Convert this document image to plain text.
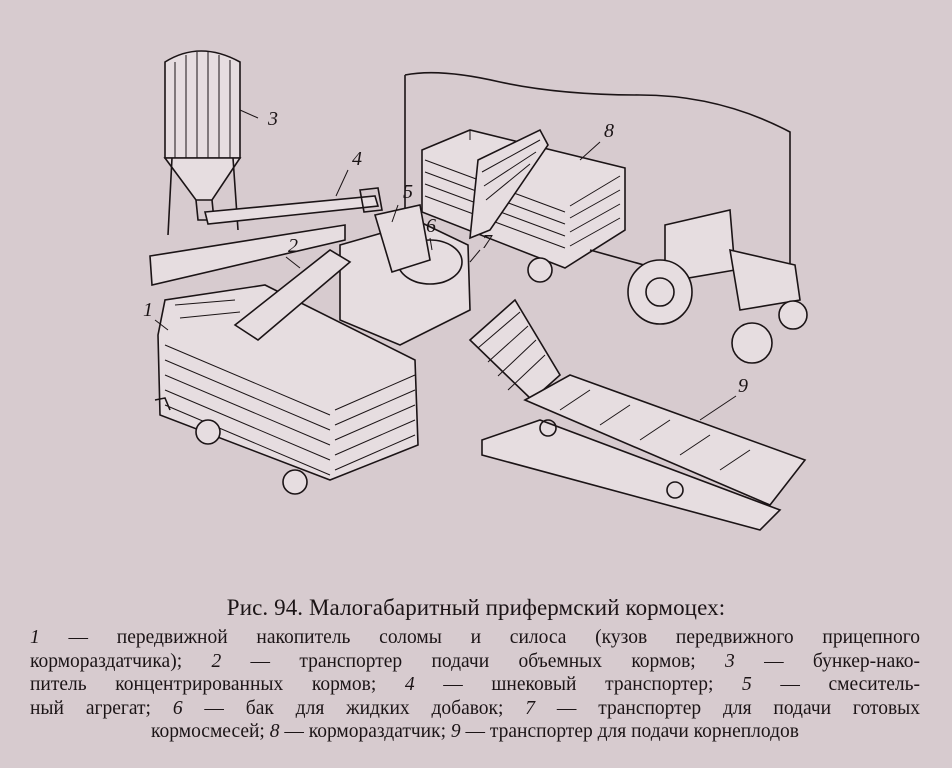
1
2
3
4
5
6
7
8
9
Рис. 94. Малогабаритный прифермский кормоцех:
1 — передвижной накопитель соломы и силоса (кузов передвижного прицепного
кормораздатчика); 2 — транспортер подачи объемных кормов; 3 — бункер-нако-
питель концентрированных кормов; 4 — шнековый транспортер; 5 — смеситель-
ный агрегат; 6 — бак для жидких добавок; 7 — транспортер для подачи готовых
кормосмесей; 8 — кормораздатчик; 9 — транспортер для подачи корнеплодов
